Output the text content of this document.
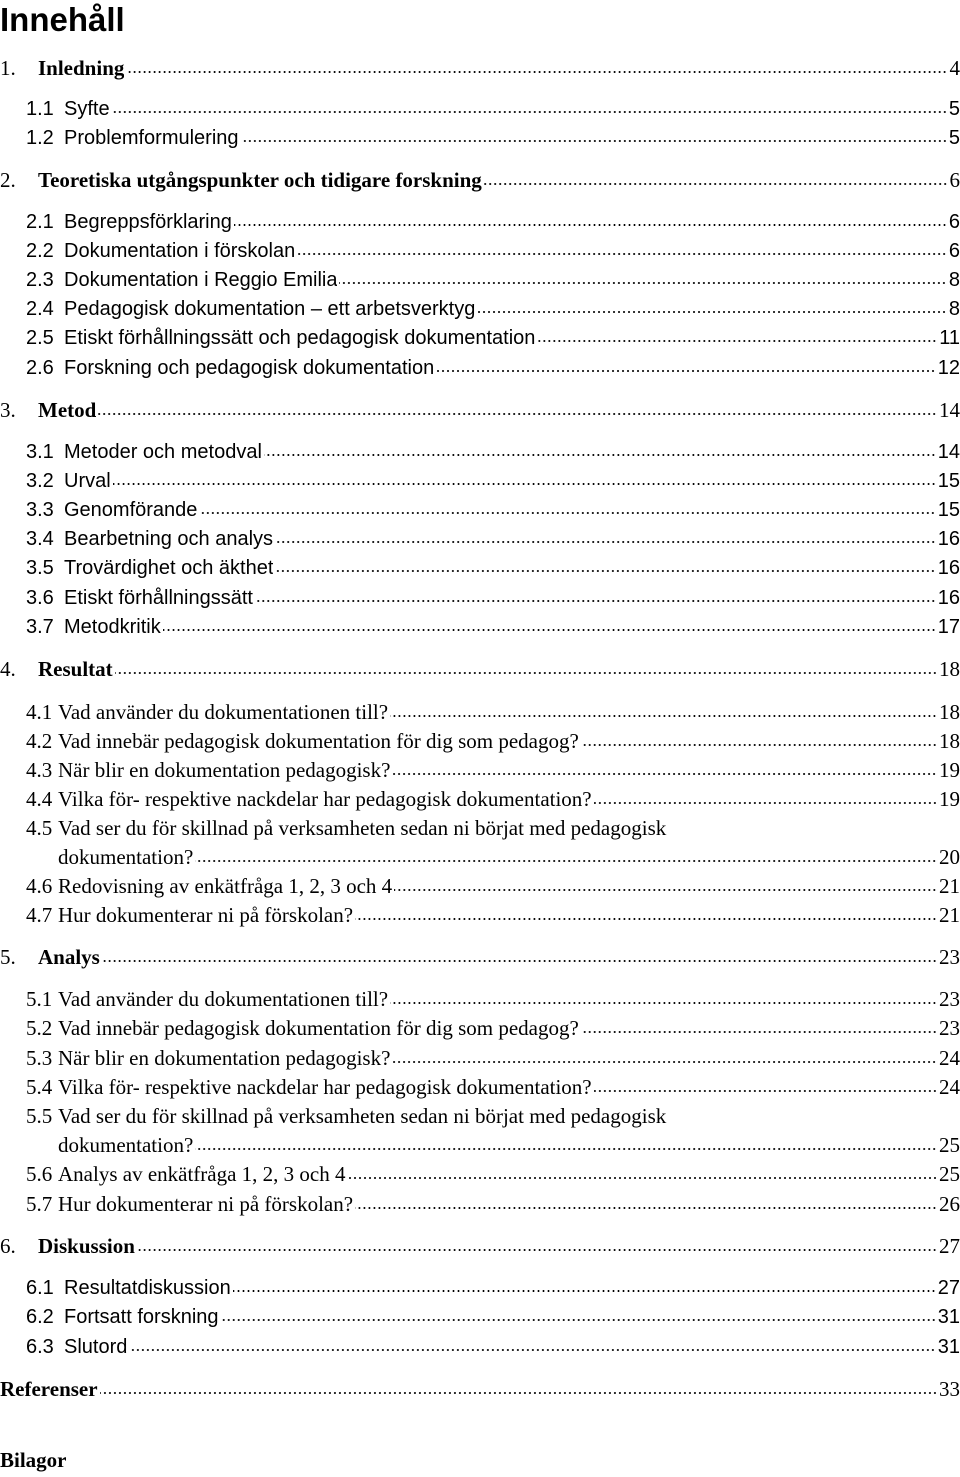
Innehåll
1.	Inledning	4
1.1 Syfte	5
1.2 Problemformulering	5
2.	Teoretiska utgångspunkter och tidigare forskning	6
2.1 Begreppsförklaring	6
2.2 Dokumentation i förskolan	6
2.3 Dokumentation i Reggio Emilia	8
2.4 Pedagogisk dokumentation – ett arbetsverktyg	8
2.5 Etiskt förhållningssätt och pedagogisk dokumentation	11
2.6 Forskning och pedagogisk dokumentation	12
3.	Metod	14
3.1 Metoder och metodval	14
3.2 Urval	15
3.3 Genomförande	15
3.4 Bearbetning och analys	16
3.5 Trovärdighet och äkthet	16
3.6 Etiskt förhållningssätt	16
3.7 Metodkritik	17
4.	Resultat	18
4.1 Vad använder du dokumentationen till?	18
4.2 Vad innebär pedagogisk dokumentation för dig som pedagog?	18
4.3 När blir en dokumentation pedagogisk?	19
4.4 Vilka för- respektive nackdelar har pedagogisk dokumentation?	19
4.5 Vad ser du för skillnad på verksamheten sedan ni börjat med pedagogisk
dokumentation?	20
4.6 Redovisning av enkätfråga 1, 2, 3 och 4	21
4.7 Hur dokumenterar ni på förskolan?	21
5.	Analys	23
5.1 Vad använder du dokumentationen till?	23
5.2 Vad innebär pedagogisk dokumentation för dig som pedagog?	23
5.3 När blir en dokumentation pedagogisk?	24
5.4 Vilka för- respektive nackdelar har pedagogisk dokumentation?	24
5.5 Vad ser du för skillnad på verksamheten sedan ni börjat med pedagogisk
dokumentation?	25
5.6 Analys av enkätfråga 1, 2, 3 och 4	25
5.7 Hur dokumenterar ni på förskolan?	26
6.	Diskussion	27
6.1 Resultatdiskussion	27
6.2 Fortsatt forskning	31
6.3 Slutord	31
Referenser	33
Bilagor
